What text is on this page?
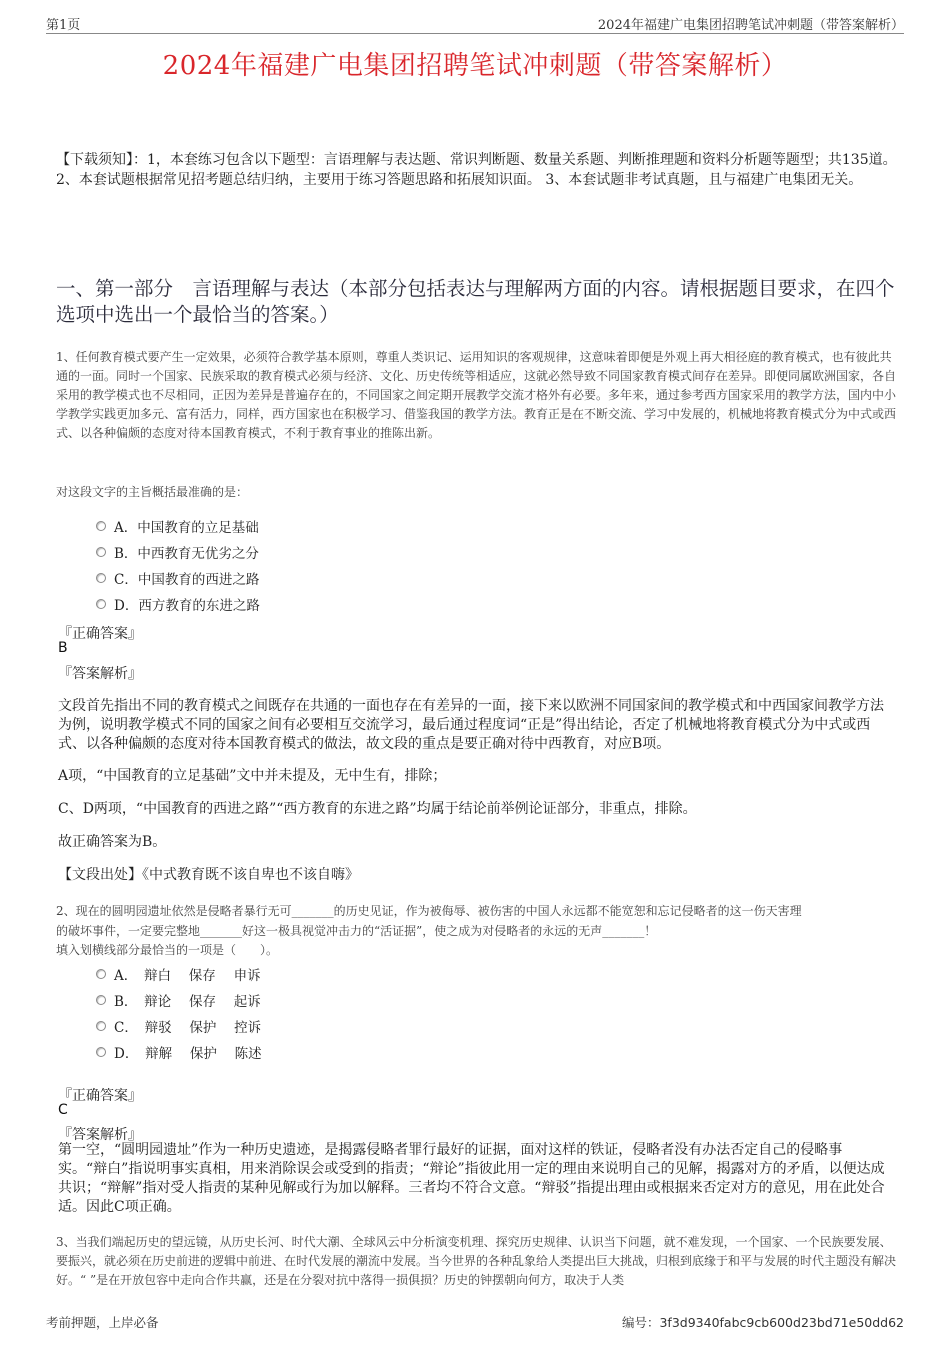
第1页	2024年福建广电集团招聘笔试冲刺题（带答案解析）
2024年福建广电集团招聘笔试冲刺题（带答案解析）
【下载须知】：1，本套练习包含以下题型：言语理解与表达题、常识判断题、数量关系题、判断推理题和资料分析题等题型；共135道。 2、本套试题根据常见招考题总结归纳，主要用于练习答题思路和拓展知识面。 3、本套试题非考试真题，且与福建广电集团无关。
一、第一部分　言语理解与表达（本部分包括表达与理解两方面的内容。请根据题目要求，在四个选项中选出一个最恰当的答案。）
1、任何教育模式要产生一定效果，必须符合教学基本原则，尊重人类识记、运用知识的客观规律，这意味着即便是外观上再大相径庭的教育模式，也有彼此共通的一面。同时一个国家、民族采取的教育模式必须与经济、文化、历史传统等相适应，这就必然导致不同国家教育模式间存在差异。即便同属欧洲国家，各自采用的教学模式也不尽相同，正因为差异是普遍存在的，不同国家之间定期开展教学交流才格外有必要。多年来，通过参考西方国家采用的教学方法，国内中小学教学实践更加多元、富有活力，同样，西方国家也在积极学习、借鉴我国的教学方法。教育正是在不断交流、学习中发展的，机械地将教育模式分为中式或西式、以各种偏颇的态度对待本国教育模式，不利于教育事业的推陈出新。
对这段文字的主旨概括最准确的是：
A．中国教育的立足基础
B．中西教育无优劣之分
C．中国教育的西进之路
D．西方教育的东进之路
『正确答案』
B
『答案解析』
文段首先指出不同的教育模式之间既存在共通的一面也存在有差异的一面，接下来以欧洲不同国家间的教学模式和中西国家间教学方法为例，说明教学模式不同的国家之间有必要相互交流学习，最后通过程度词“正是”得出结论，否定了机械地将教育模式分为中式或西式、以各种偏颇的态度对待本国教育模式的做法，故文段的重点是要正确对待中西教育，对应B项。
A项，“中国教育的立足基础”文中并未提及，无中生有，排除；
C、D两项，“中国教育的西进之路”“西方教育的东进之路”均属于结论前举例论证部分，非重点，排除。
故正确答案为B。
【文段出处】《中式教育既不该自卑也不该自嗨》
2、现在的圆明园遗址依然是侵略者暴行无可_______的历史见证，作为被侮辱、被伤害的中国人永远都不能宽恕和忘记侵略者的这一伤天害理
的破坏事件，一定要完整地_______好这一极具视觉冲击力的“活证据”，使之成为对侵略者的永远的无声_______！
填入划横线部分最恰当的一项是（　　）。
A．　辩白　 保存　 申诉
B．　辩论　 保存　 起诉
C．　辩驳　 保护　 控诉
D．　辩解　 保护　 陈述
『正确答案』
C
『答案解析』
第一空，“圆明园遗址”作为一种历史遗迹，是揭露侵略者罪行最好的证据，面对这样的铁证，侵略者没有办法否定自己的侵略事实。“辩白”指说明事实真相，用来消除误会或受到的指责；“辩论”指彼此用一定的理由来说明自己的见解，揭露对方的矛盾，以便达成共识；“辩解”指对受人指责的某种见解或行为加以解释。三者均不符合文意。“辩驳”指提出理由或根据来否定对方的意见，用在此处合适。因此C项正确。
3、当我们端起历史的望远镜，从历史长河、时代大潮、全球风云中分析演变机理、探究历史规律、认识当下问题，就不难发现，一个国家、一个民族要发展、要振兴，就必须在历史前进的逻辑中前进、在时代发展的潮流中发展。当今世界的各种乱象给人类提出巨大挑战，归根到底缘于和平与发展的时代主题没有解决好。“ ”是在开放包容中走向合作共赢，还是在分裂对抗中落得一损俱损？历史的钟摆朝向何方，取决于人类
考前押题，上岸必备	编号：3f3d9340fabc9cb600d23bd71e50dd62
